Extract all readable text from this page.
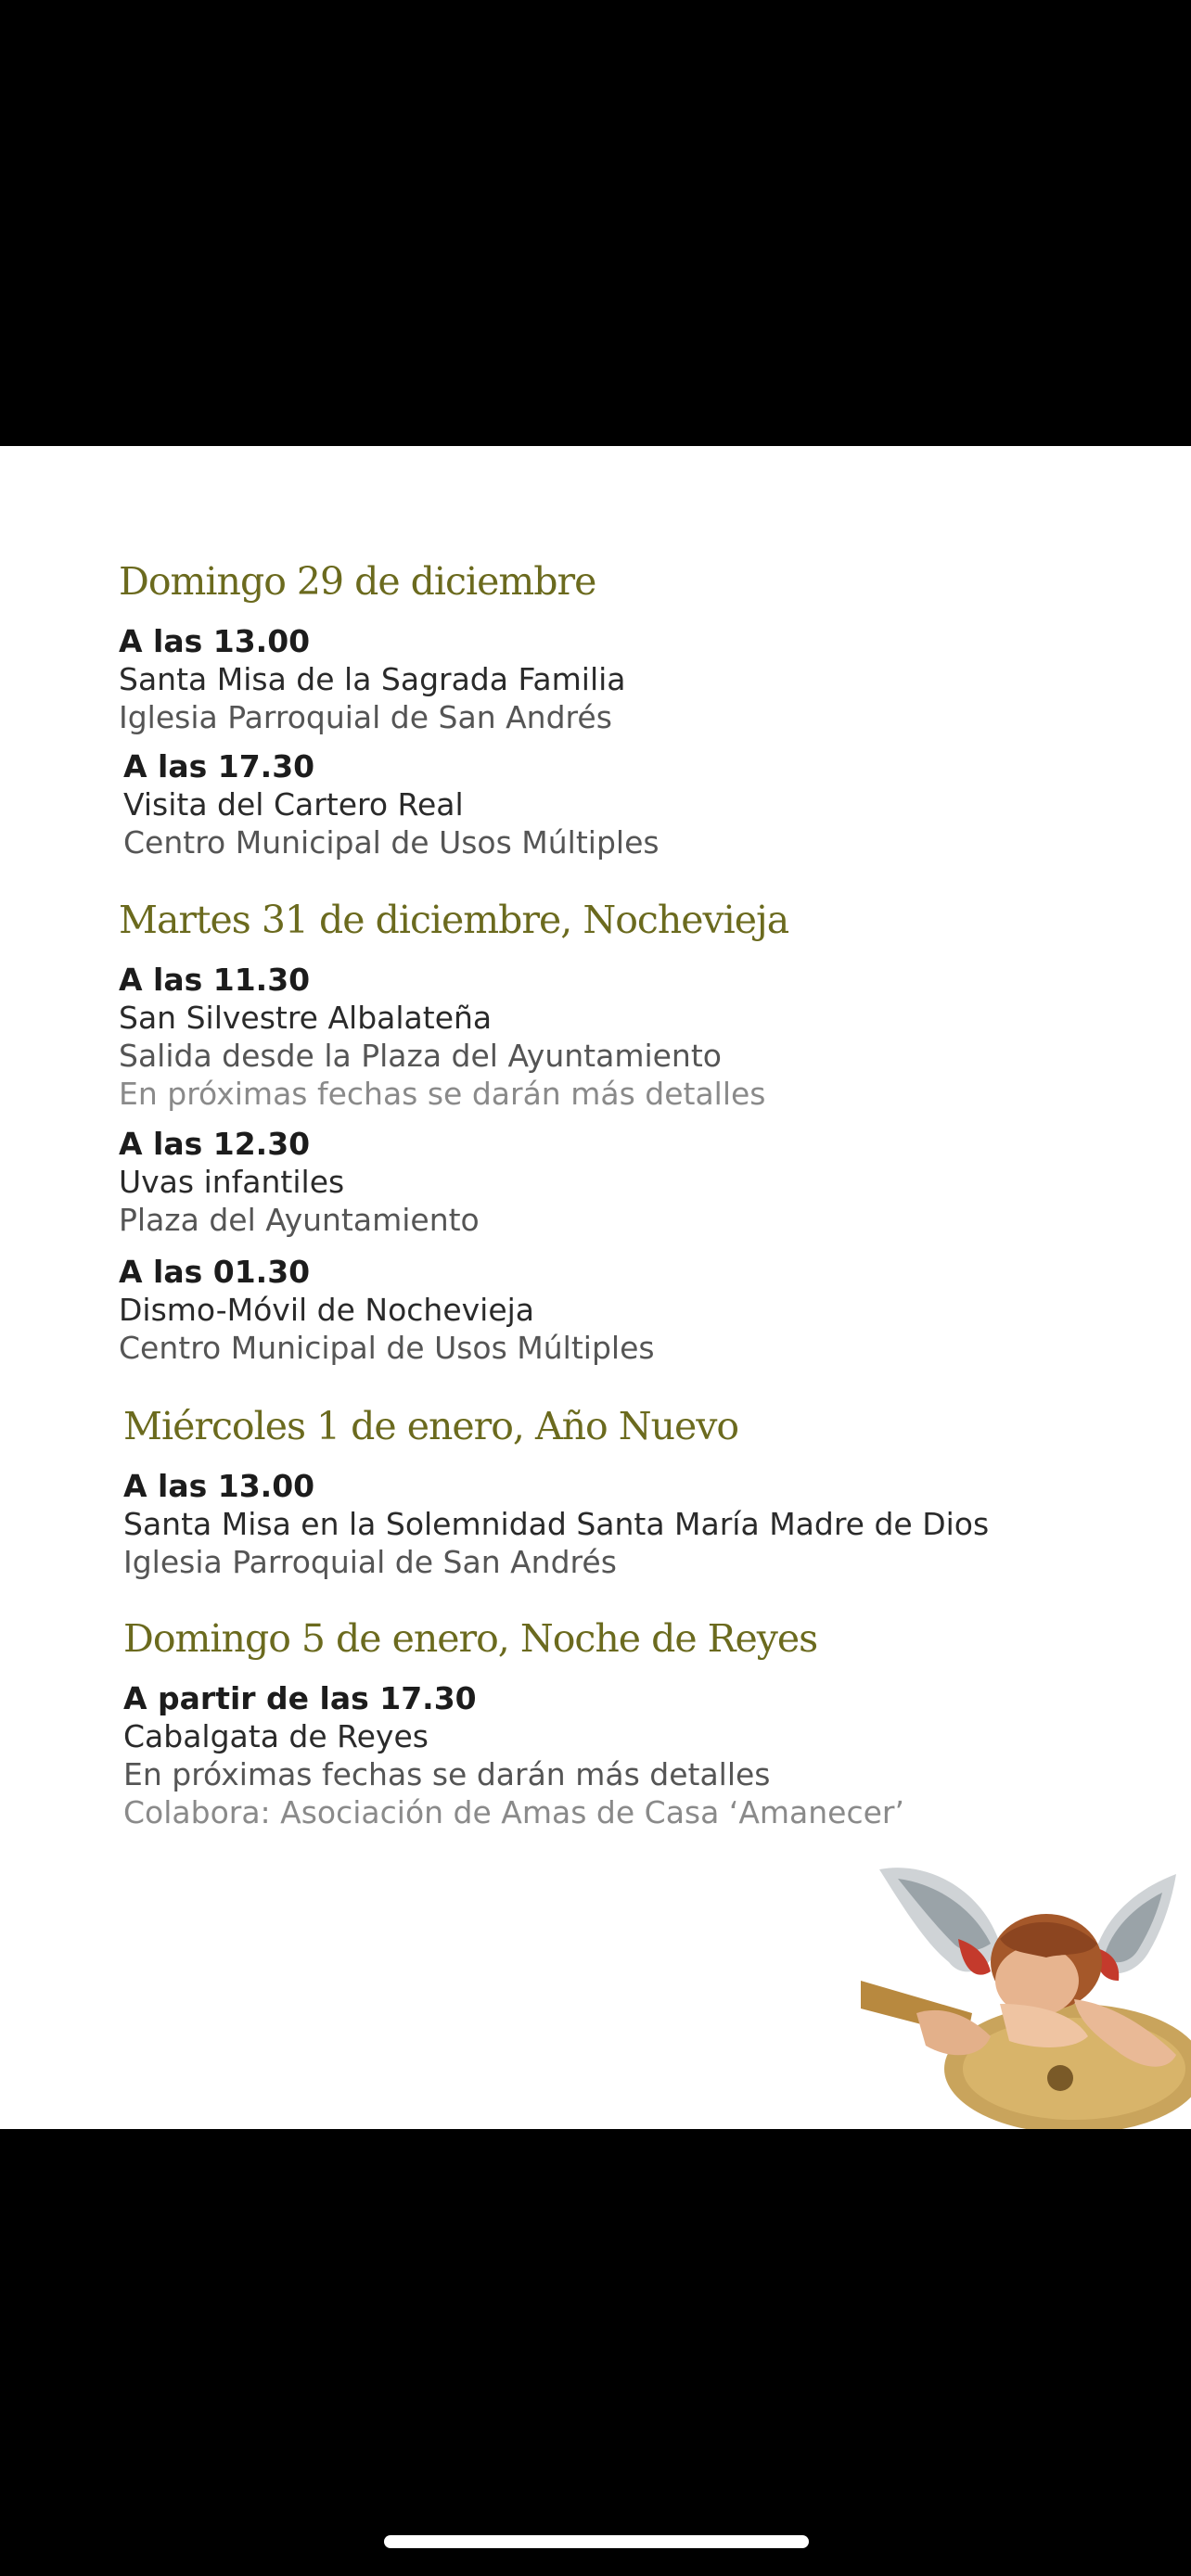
Domingo 29 de diciembre
A las 13.00
Santa Misa de la Sagrada Familia
Iglesia Parroquial de San Andrés
A las 17.30
Visita del Cartero Real
Centro Municipal de Usos Múltiples
Martes 31 de diciembre, Nochevieja
A las 11.30
San Silvestre Albalateña
Salida desde la Plaza del Ayuntamiento
En próximas fechas se darán más detalles
A las 12.30
Uvas infantiles
Plaza del Ayuntamiento
A las 01.30
Dismo-Móvil de Nochevieja
Centro Municipal de Usos Múltiples
Miércoles 1 de enero, Año Nuevo
A las 13.00
Santa Misa en la Solemnidad Santa María Madre de Dios
Iglesia Parroquial de San Andrés
Domingo 5 de enero, Noche de Reyes
A partir de las 17.30
Cabalgata de Reyes
En próximas fechas se darán más detalles
Colabora: Asociación de Amas de Casa ‘Amanecer’
